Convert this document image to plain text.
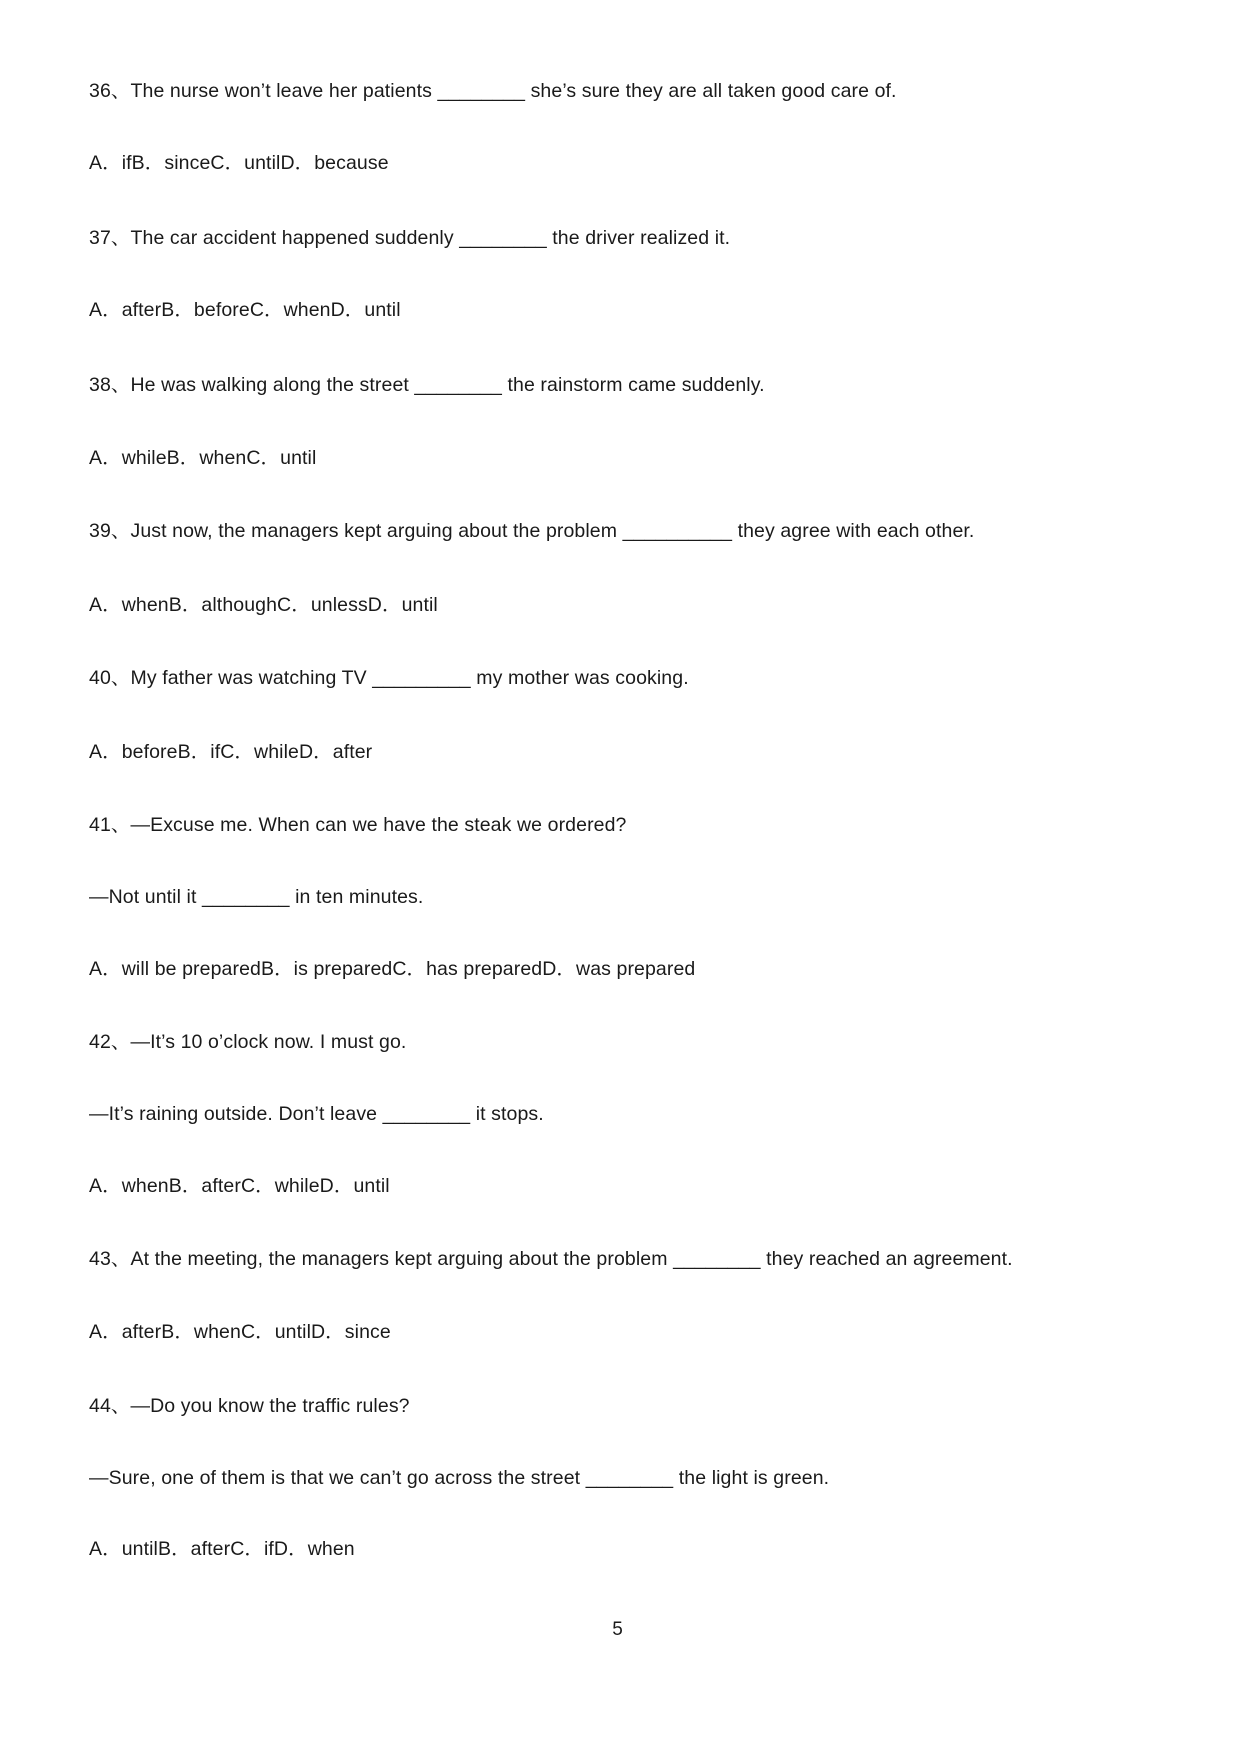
36、The nurse won’t leave her patients ________ she’s sure they are all taken good care of.
A．ifB．sinceC．untilD．because
37、The car accident happened suddenly ________ the driver realized it.
A．afterB．beforeC．whenD．until
38、He was walking along the street ________ the rainstorm came suddenly.
A．whileB．whenC．until
39、Just now, the managers kept arguing about the problem __________ they agree with each other.
A．whenB．althoughC．unlessD．until
40、My father was watching TV _________ my mother was cooking.
A．beforeB．ifC．whileD．after
41、—Excuse me. When can we have the steak we ordered?
—Not until it ________ in ten minutes.
A．will be preparedB．is preparedC．has preparedD．was prepared
42、—It’s 10 o’clock now. I must go.
—It’s raining outside. Don’t leave ________ it stops.
A．whenB．afterC．whileD．until
43、At the meeting, the managers kept arguing about the problem ________ they reached an agreement.
A．afterB．whenC．untilD．since
44、—Do you know the traffic rules?
—Sure, one of them is that we can’t go across the street ________ the light is green.
A．untilB．afterC．ifD．when
5
